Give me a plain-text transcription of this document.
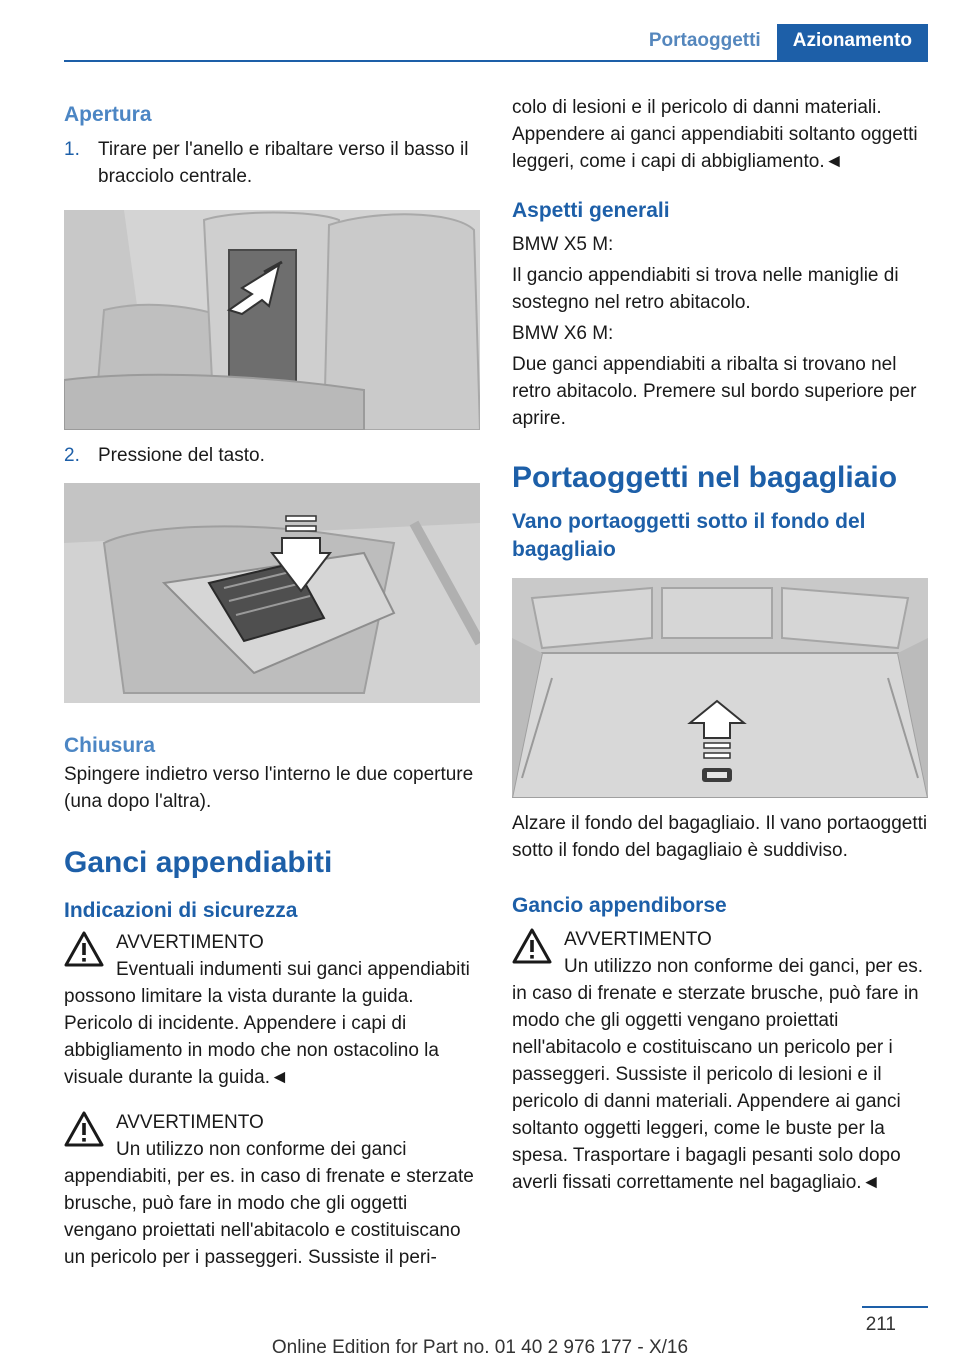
Portaoggetti	Azionamento
Apertura
1. Tirare per l'anello e ribaltare verso il basso il bracciolo centrale.
2. Pressione del tasto.
Chiusura

Spingere indietro verso l'interno le due coperture (una dopo l'altra).

Ganci appendiabiti
Indicazioni di sicurezza

AVVERTIMENTO

Eventuali indumenti sui ganci appendiabiti possono limitare la vista durante la guida. Pericolo di incidente. Appendere i capi di abbigliamento in modo che non ostacolino la visuale durante la guida.◄

AVVERTIMENTO

Un utilizzo non conforme dei ganci appendiabiti, per es. in caso di frenate e sterzate brusche, può fare in modo che gli oggetti vengano proiettati nell'abitacolo e costituiscano un pericolo per i passeggeri. Sussiste il peri-

colo di lesioni e il pericolo di danni materiali. Appendere ai ganci appendiabiti soltanto oggetti leggeri, come i capi di abbigliamento.◄

Aspetti generali

BMW X5 M:

Il gancio appendiabiti si trova nelle maniglie di sostegno nel retro abitacolo.

BMW X6 M:

Due ganci appendiabiti a ribalta si trovano nel retro abitacolo. Premere sul bordo superiore per aprire.

Portaoggetti nel bagagliaio
Vano portaoggetti sotto il fondo del bagagliaio

Alzare il fondo del bagagliaio. Il vano portaoggetti sotto il fondo del bagagliaio è suddiviso.

Gancio appendiborse

AVVERTIMENTO

Un utilizzo non conforme dei ganci, per es. in caso di frenate e sterzate brusche, può fare in modo che gli oggetti vengano proiettati nell'abitacolo e costituiscano un pericolo per i passeggeri. Sussiste il pericolo di lesioni e il pericolo di danni materiali. Appendere ai ganci soltanto oggetti leggeri, come le buste per la spesa. Trasportare i bagagli pesanti solo dopo averli fissati correttamente nel bagagliaio.◄

211
Online Edition for Part no. 01 40 2 976 177 - X/16
